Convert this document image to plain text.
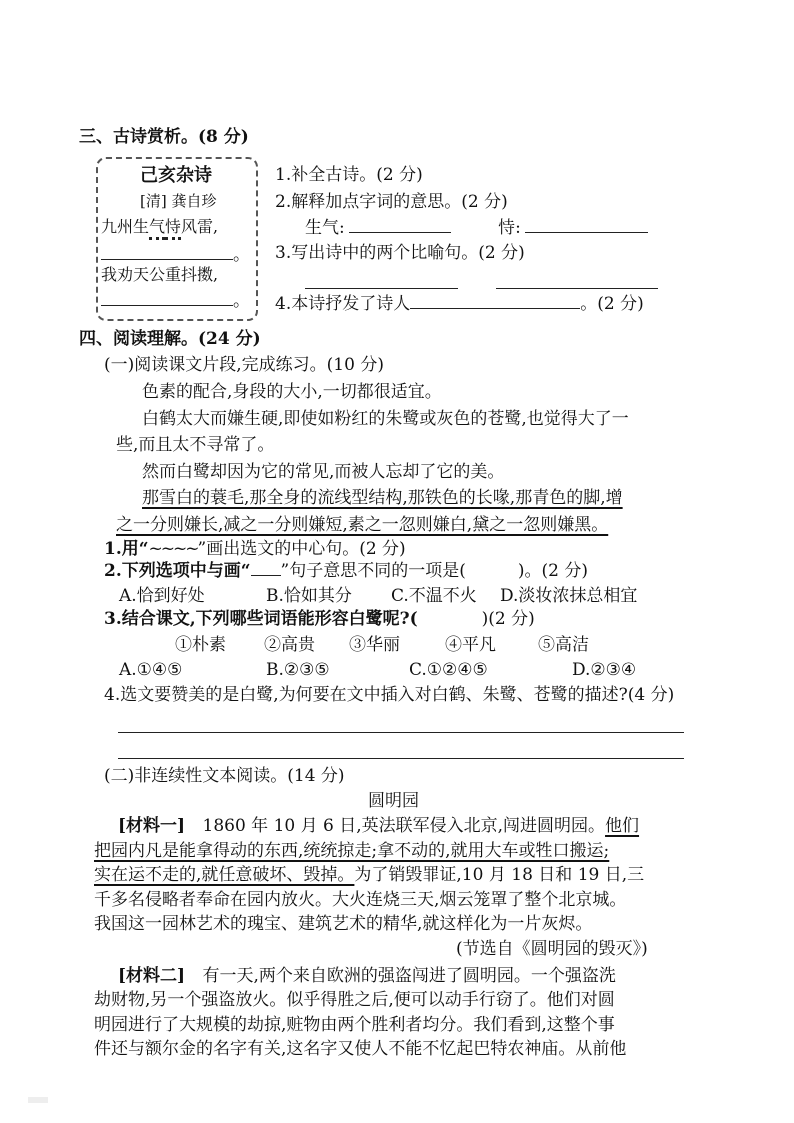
三、古诗赏析。(8 分)
己亥杂诗
[清] 龚自珍
九州生气恃风雷,
。
我劝天公重抖擞,
。
1.补全古诗。(2 分)
2.解释加点字词的意思。(2 分)
生气:	恃:
3.写出诗中的两个比喻句。(2 分)
4.本诗抒发了诗人	。(2 分)
四、阅读理解。(24 分)
(一)阅读课文片段,完成练习。(10 分)
色素的配合,身段的大小,一切都很适宜。
白鹤太大而嫌生硬,即使如粉红的朱鹭或灰色的苍鹭,也觉得大了一
些,而且太不寻常了。
然而白鹭却因为它的常见,而被人忘却了它的美。
那雪白的蓑毛,那全身的流线型结构,那铁色的长喙,那青色的脚,增
之一分则嫌长,减之一分则嫌短,素之一忽则嫌白,黛之一忽则嫌黑。
1.用“~~~~”画出选文的中心句。(2 分)
2.下列选项中与画“ ”句子意思不同的一项是(	)。(2 分)
A.恰到好处	B.恰如其分 C.不温不火 D.淡妆浓抹总相宜
3.结合课文,下列哪些词语能形容白鹭呢?(	)(2 分)
①朴素 ②高贵 ③华丽	④平凡 ⑤高洁
A.①④⑤	B.②③⑤	C.①②④⑤	D.②③④
4.选文要赞美的是白鹭,为何要在文中插入对白鹤、朱鹭、苍鹭的描述?(4 分)
(二)非连续性文本阅读。(14 分)
圆明园
[材料一] 1860 年 10 月 6 日,英法联军侵入北京,闯进圆明园。他们
把园内凡是能拿得动的东西,统统掠走;拿不动的,就用大车或牲口搬运;
实在运不走的,就任意破坏、毁掉。为了销毁罪证,10 月 18 日和 19 日,三
千多名侵略者奉命在园内放火。大火连烧三天,烟云笼罩了整个北京城。
我国这一园林艺术的瑰宝、建筑艺术的精华,就这样化为一片灰烬。
(节选自《圆明园的毁灭》)
[材料二] 有一天,两个来自欧洲的强盗闯进了圆明园。一个强盗洗
劫财物,另一个强盗放火。似乎得胜之后,便可以动手行窃了。他们对圆
明园进行了大规模的劫掠,赃物由两个胜利者均分。我们看到,这整个事
件还与额尔金的名字有关,这名字又使人不能不忆起巴特农神庙。从前他
